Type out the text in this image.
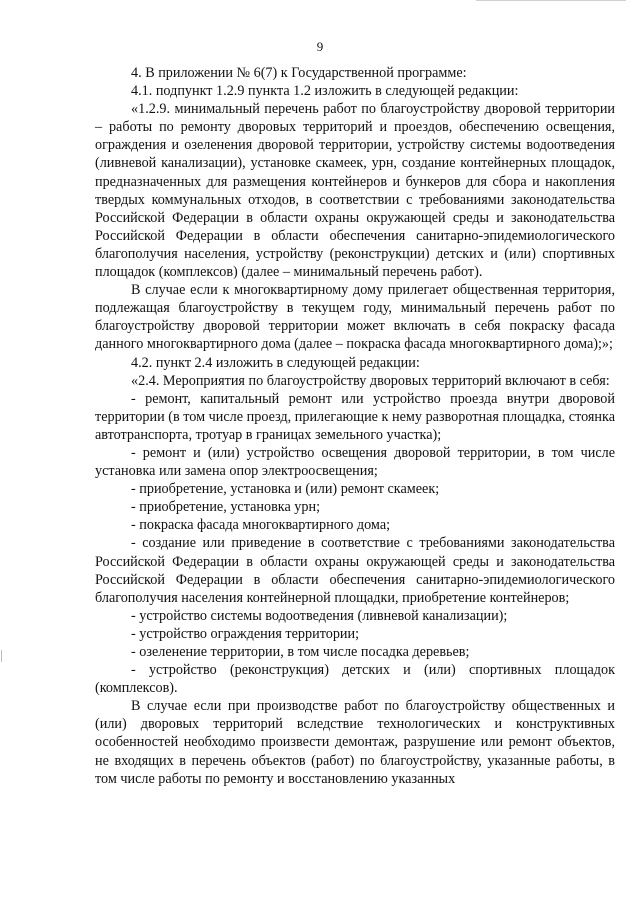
9

4. В приложении № 6(7) к Государственной программе:

4.1. подпункт 1.2.9 пункта 1.2 изложить в следующей редакции:

«1.2.9. минимальный перечень работ по благоустройству дворовой территории – работы по ремонту дворовых территорий и проездов, обеспечению освещения, ограждения и озеленения дворовой территории, устройству системы водоотведения (ливневой канализации), установке скамеек, урн, создание контейнерных площадок, предназначенных для размещения контейнеров и бункеров для сбора и накопления твердых коммунальных отходов, в соответствии с требованиями законодательства Российской Федерации в области охраны окружающей среды и законодательства Российской Федерации в области обеспечения санитарно-эпидемиологического благополучия населения, устройству (реконструкции) детских и (или) спортивных площадок (комплексов) (далее – минимальный перечень работ).

В случае если к многоквартирному дому прилегает общественная территория, подлежащая благоустройству в текущем году, минимальный перечень работ по благоустройству дворовой территории может включать в себя покраску фасада данного многоквартирного дома (далее – покраска фасада многоквартирного дома);»;

4.2. пункт 2.4 изложить в следующей редакции:

«2.4. Мероприятия по благоустройству дворовых территорий включают в себя:

- ремонт, капитальный ремонт или устройство проезда внутри дворовой территории (в том числе проезд, прилегающие к нему разворотная площадка, стоянка автотранспорта, тротуар в границах земельного участка);

- ремонт и (или) устройство освещения дворовой территории, в том числе установка или замена опор электроосвещения;

- приобретение, установка и (или) ремонт скамеек;

- приобретение, установка урн;

- покраска фасада многоквартирного дома;

- создание или приведение в соответствие с требованиями законодательства Российской Федерации в области охраны окружающей среды и законодательства Российской Федерации в области обеспечения санитарно-эпидемиологического благополучия населения контейнерной площадки, приобретение контейнеров;

- устройство системы водоотведения (ливневой канализации);

- устройство ограждения территории;

- озеленение территории, в том числе посадка деревьев;

- устройство (реконструкция) детских и (или) спортивных площадок (комплексов).

В случае если при производстве работ по благоустройству общественных и (или) дворовых территорий вследствие технологических и конструктивных особенностей необходимо произвести демонтаж, разрушение или ремонт объектов, не входящих в перечень объектов (работ) по благоустройству, указанные работы, в том числе работы по ремонту и восстановлению указанных
